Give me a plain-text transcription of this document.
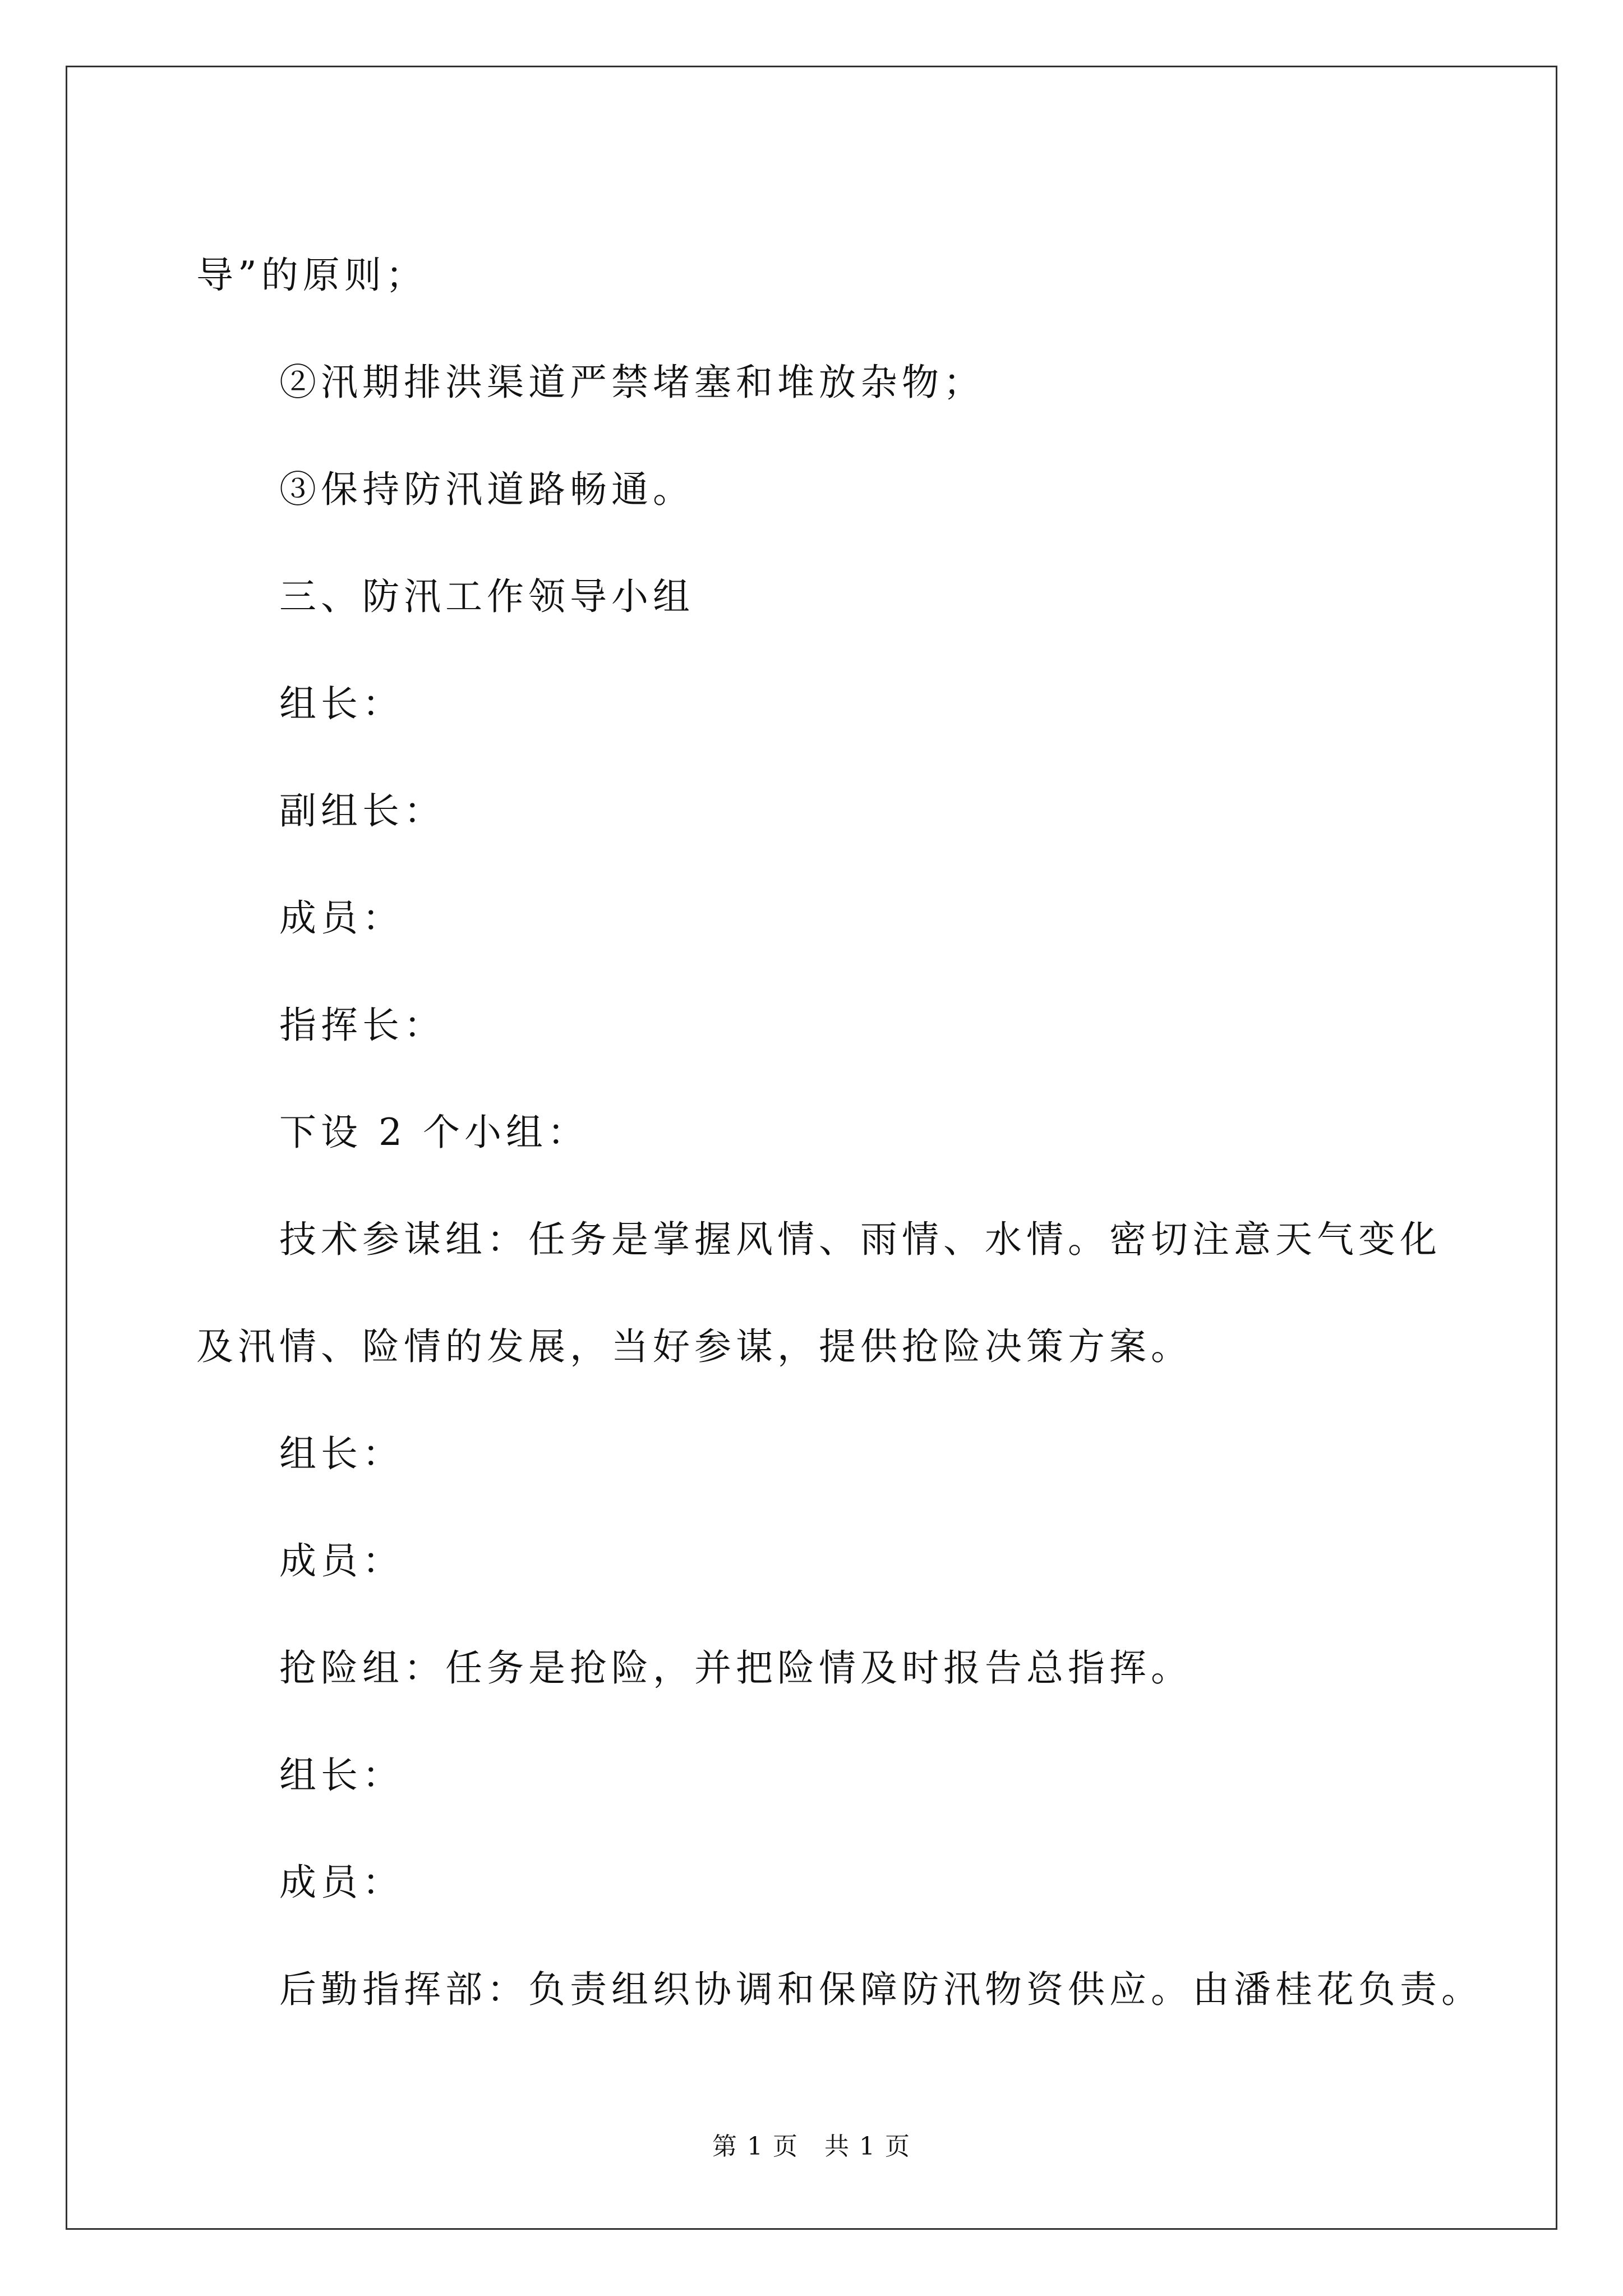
导”的原则；
②汛期排洪渠道严禁堵塞和堆放杂物；
③保持防汛道路畅通。
三、防汛工作领导小组
组长：
副组长：
成员：
指挥长：
下设 2 个小组：
技术参谋组：任务是掌握风情、雨情、水情。密切注意天气变化
及汛情、险情的发展，当好参谋，提供抢险决策方案。
组长：
成员：
抢险组：任务是抢险，并把险情及时报告总指挥。
组长：
成员：
后勤指挥部：负责组织协调和保障防汛物资供应。由潘桂花负责。
第 1 页　共 1 页
